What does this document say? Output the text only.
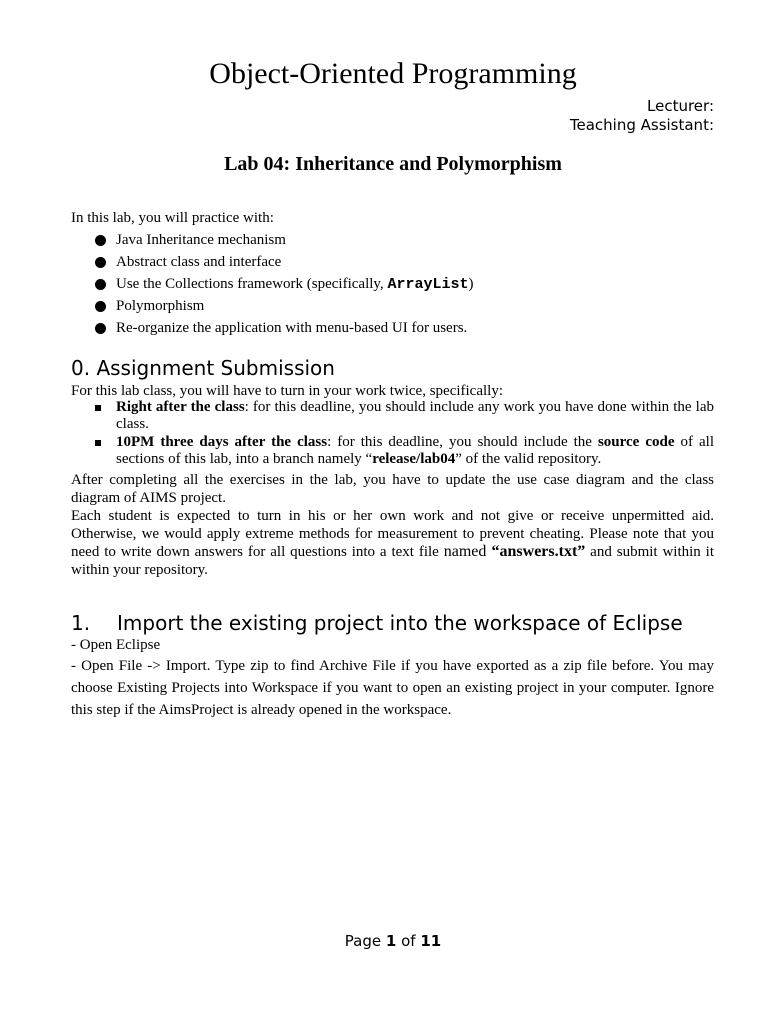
Object-Oriented Programming
Lecturer:
Teaching Assistant:
Lab 04: Inheritance and Polymorphism
In this lab, you will practice with:
Java Inheritance mechanism
Abstract class and interface
Use the Collections framework (specifically, ArrayList)
Polymorphism
Re-organize the application with menu-based UI for users.
0. Assignment Submission
For this lab class, you will have to turn in your work twice, specifically:
Right after the class: for this deadline, you should include any work you have done within the lab class.
10PM three days after the class: for this deadline, you should include the source code of all sections of this lab, into a branch namely “release/lab04” of the valid repository.
After completing all the exercises in the lab, you have to update the use case diagram and the class diagram of AIMS project.
Each student is expected to turn in his or her own work and not give or receive unpermitted aid. Otherwise, we would apply extreme methods for measurement to prevent cheating. Please note that you need to write down answers for all questions into a text file named “answers.txt” and submit within it within your repository.
1. Import the existing project into the workspace of Eclipse
- Open Eclipse
- Open File -> Import. Type zip to find Archive File if you have exported as a zip file before. You may choose Existing Projects into Workspace if you want to open an existing project in your computer. Ignore this step if the AimsProject is already opened in the workspace.
Page 1 of 11
